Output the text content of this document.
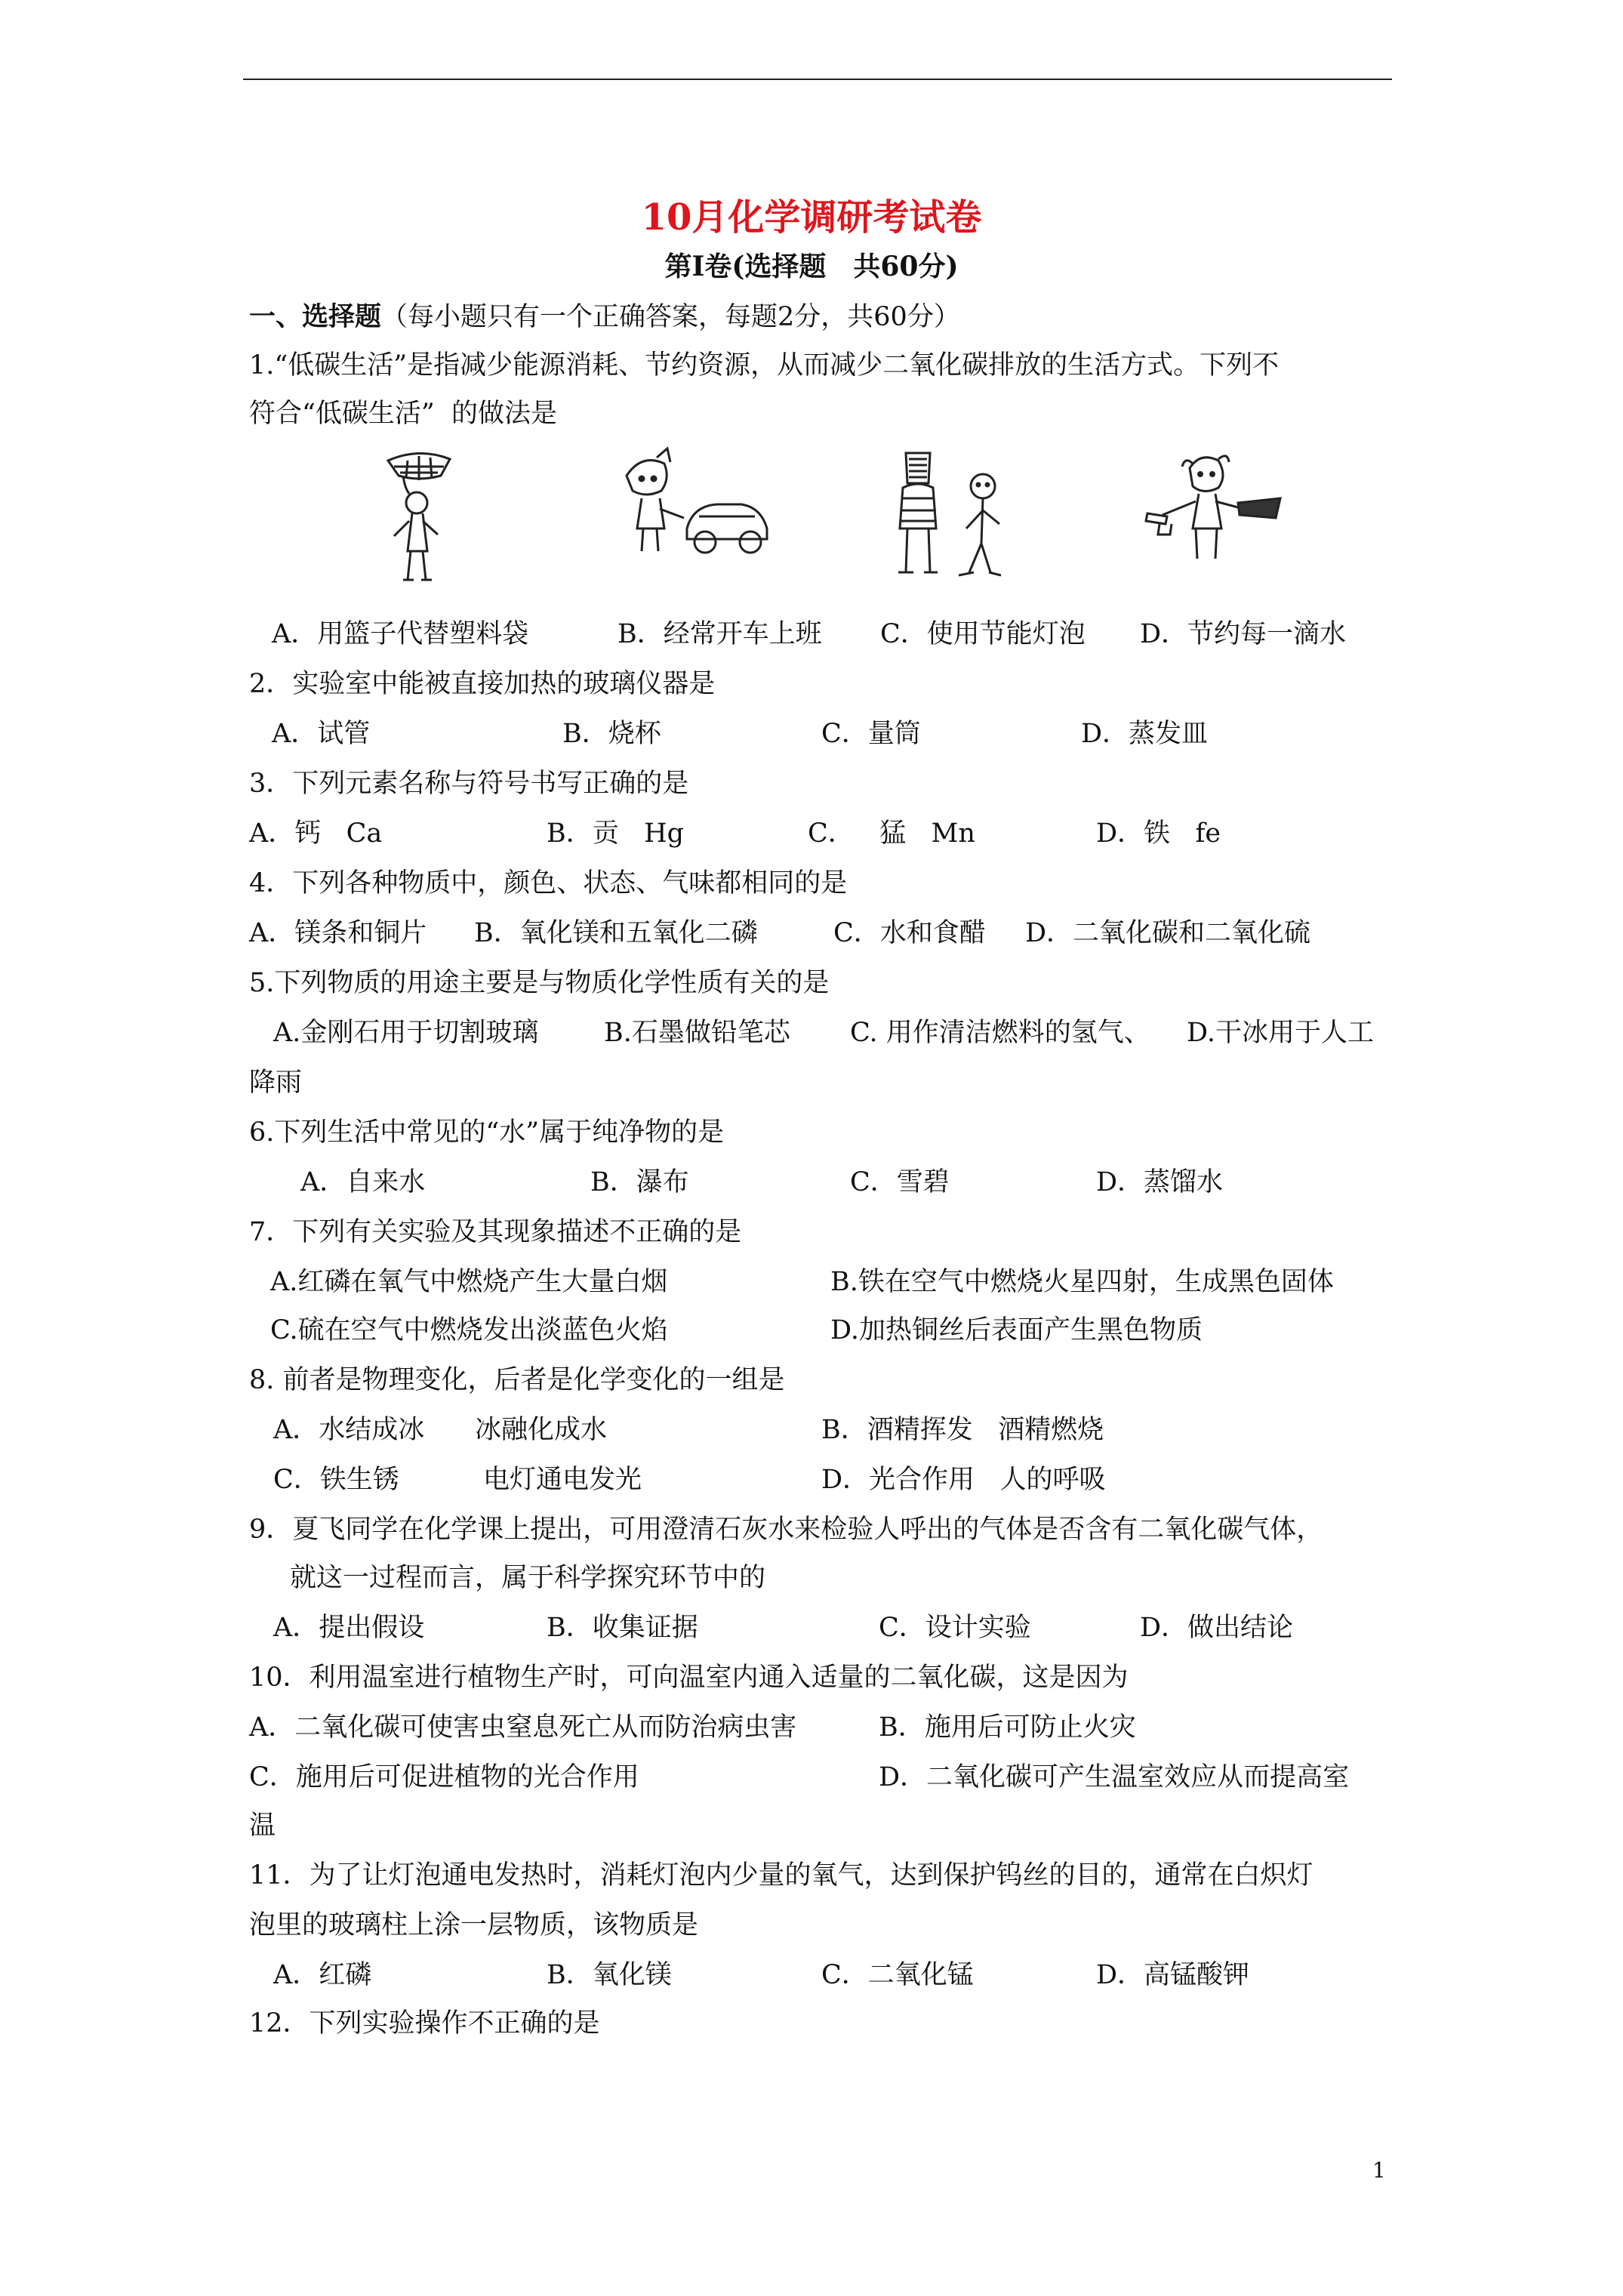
10月化学调研考试卷
第Ⅰ卷(选择题　共60分)
一、选择题（每小题只有一个正确答案，每题2分，共60分）
1.“低碳生活”是指减少能源消耗、节约资源，从而减少二氧化碳排放的生活方式。下列不
符合“低碳生活”  的做法是
A．用篮子代替塑料袋	B．经常开车上班 C．使用节能灯泡 D．节约每一滴水
2．实验室中能被直接加热的玻璃仪器是
A．试管	B．烧杯	C．量筒	D．蒸发皿
3．下列元素名称与符号书写正确的是
A．钙   Ca	B．贡   Hg	C．   猛   Mn	D．铁   fe
4．下列各种物质中，颜色、状态、气味都相同的是
A．镁条和铜片 B．氧化镁和五氧化二磷	C．水和食醋 D．二氧化碳和二氧化硫
5.下列物质的用途主要是与物质化学性质有关的是
A.金刚石用于切割玻璃 B.石墨做铅笔芯 C. 用作清洁燃料的氢气、 D.干冰用于人工
降雨
6.下列生活中常见的“水”属于纯净物的是
A．自来水	B．瀑布	C．雪碧	D．蒸馏水
7．下列有关实验及其现象描述不正确的是
A.红磷在氧气中燃烧产生大量白烟	B.铁在空气中燃烧火星四射，生成黑色固体
C.硫在空气中燃烧发出淡蓝色火焰	D.加热铜丝后表面产生黑色物质
8. 前者是物理变化，后者是化学变化的一组是
A．水结成冰      冰融化成水	B．酒精挥发   酒精燃烧
C．铁生锈          电灯通电发光	D．光合作用   人的呼吸
9．夏飞同学在化学课上提出，可用澄清石灰水来检验人呼出的气体是否含有二氧化碳气体，
就这一过程而言，属于科学探究环节中的
A．提出假设	B．收集证据	C．设计实验	D．做出结论
10．利用温室进行植物生产时，可向温室内通入适量的二氧化碳，这是因为
A．二氧化碳可使害虫窒息死亡从而防治病虫害	B．施用后可防止火灾
C．施用后可促进植物的光合作用	D．二氧化碳可产生温室效应从而提高室
温
11．为了让灯泡通电发热时，消耗灯泡内少量的氧气，达到保护钨丝的目的，通常在白炽灯
泡里的玻璃柱上涂一层物质，该物质是
A．红磷	B．氧化镁	C．二氧化锰	D．高锰酸钾
12．下列实验操作不正确的是
1
